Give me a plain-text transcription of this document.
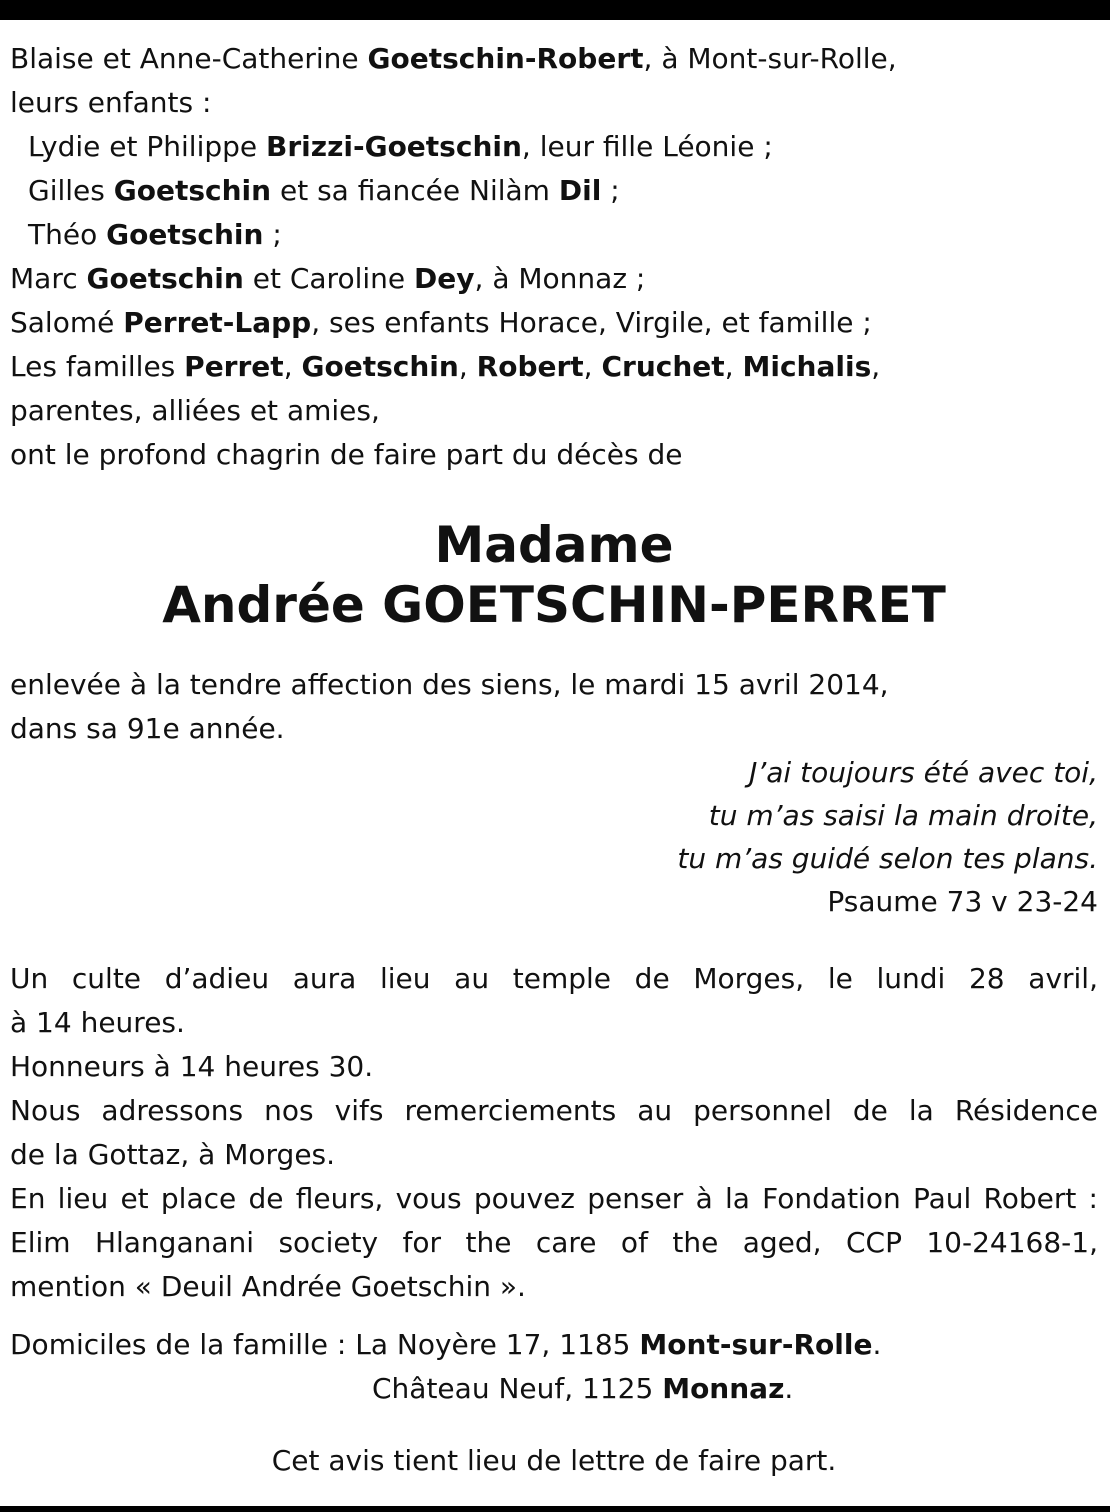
Blaise et Anne-Catherine Goetschin-Robert, à Mont-sur-Rolle,
leurs enfants :
Lydie et Philippe Brizzi-Goetschin, leur fille Léonie ;
Gilles Goetschin et sa fiancée Nilàm Dil ;
Théo Goetschin ;
Marc Goetschin et Caroline Dey, à Monnaz ;
Salomé Perret-Lapp, ses enfants Horace, Virgile, et famille ;
Les familles Perret, Goetschin, Robert, Cruchet, Michalis,
parentes, alliées et amies,
ont le profond chagrin de faire part du décès de
Madame
Andrée GOETSCHIN-PERRET
enlevée à la tendre affection des siens, le mardi 15 avril 2014,
dans sa 91e année.
J’ai toujours été avec toi,
tu m’as saisi la main droite,
tu m’as guidé selon tes plans.
Psaume 73 v 23-24
Un culte d’adieu aura lieu au temple de Morges, le lundi 28 avril,
à 14 heures.
Honneurs à 14 heures 30.
Nous adressons nos vifs remerciements au personnel de la Résidence
de la Gottaz, à Morges.
En lieu et place de fleurs, vous pouvez penser à la Fondation Paul Robert :
Elim Hlanganani society for the care of the aged, CCP 10-24168-1,
mention « Deuil Andrée Goetschin ».
Domiciles de la famille : La Noyère 17, 1185 Mont-sur-Rolle.
Château Neuf, 1125 Monnaz.
Cet avis tient lieu de lettre de faire part.
